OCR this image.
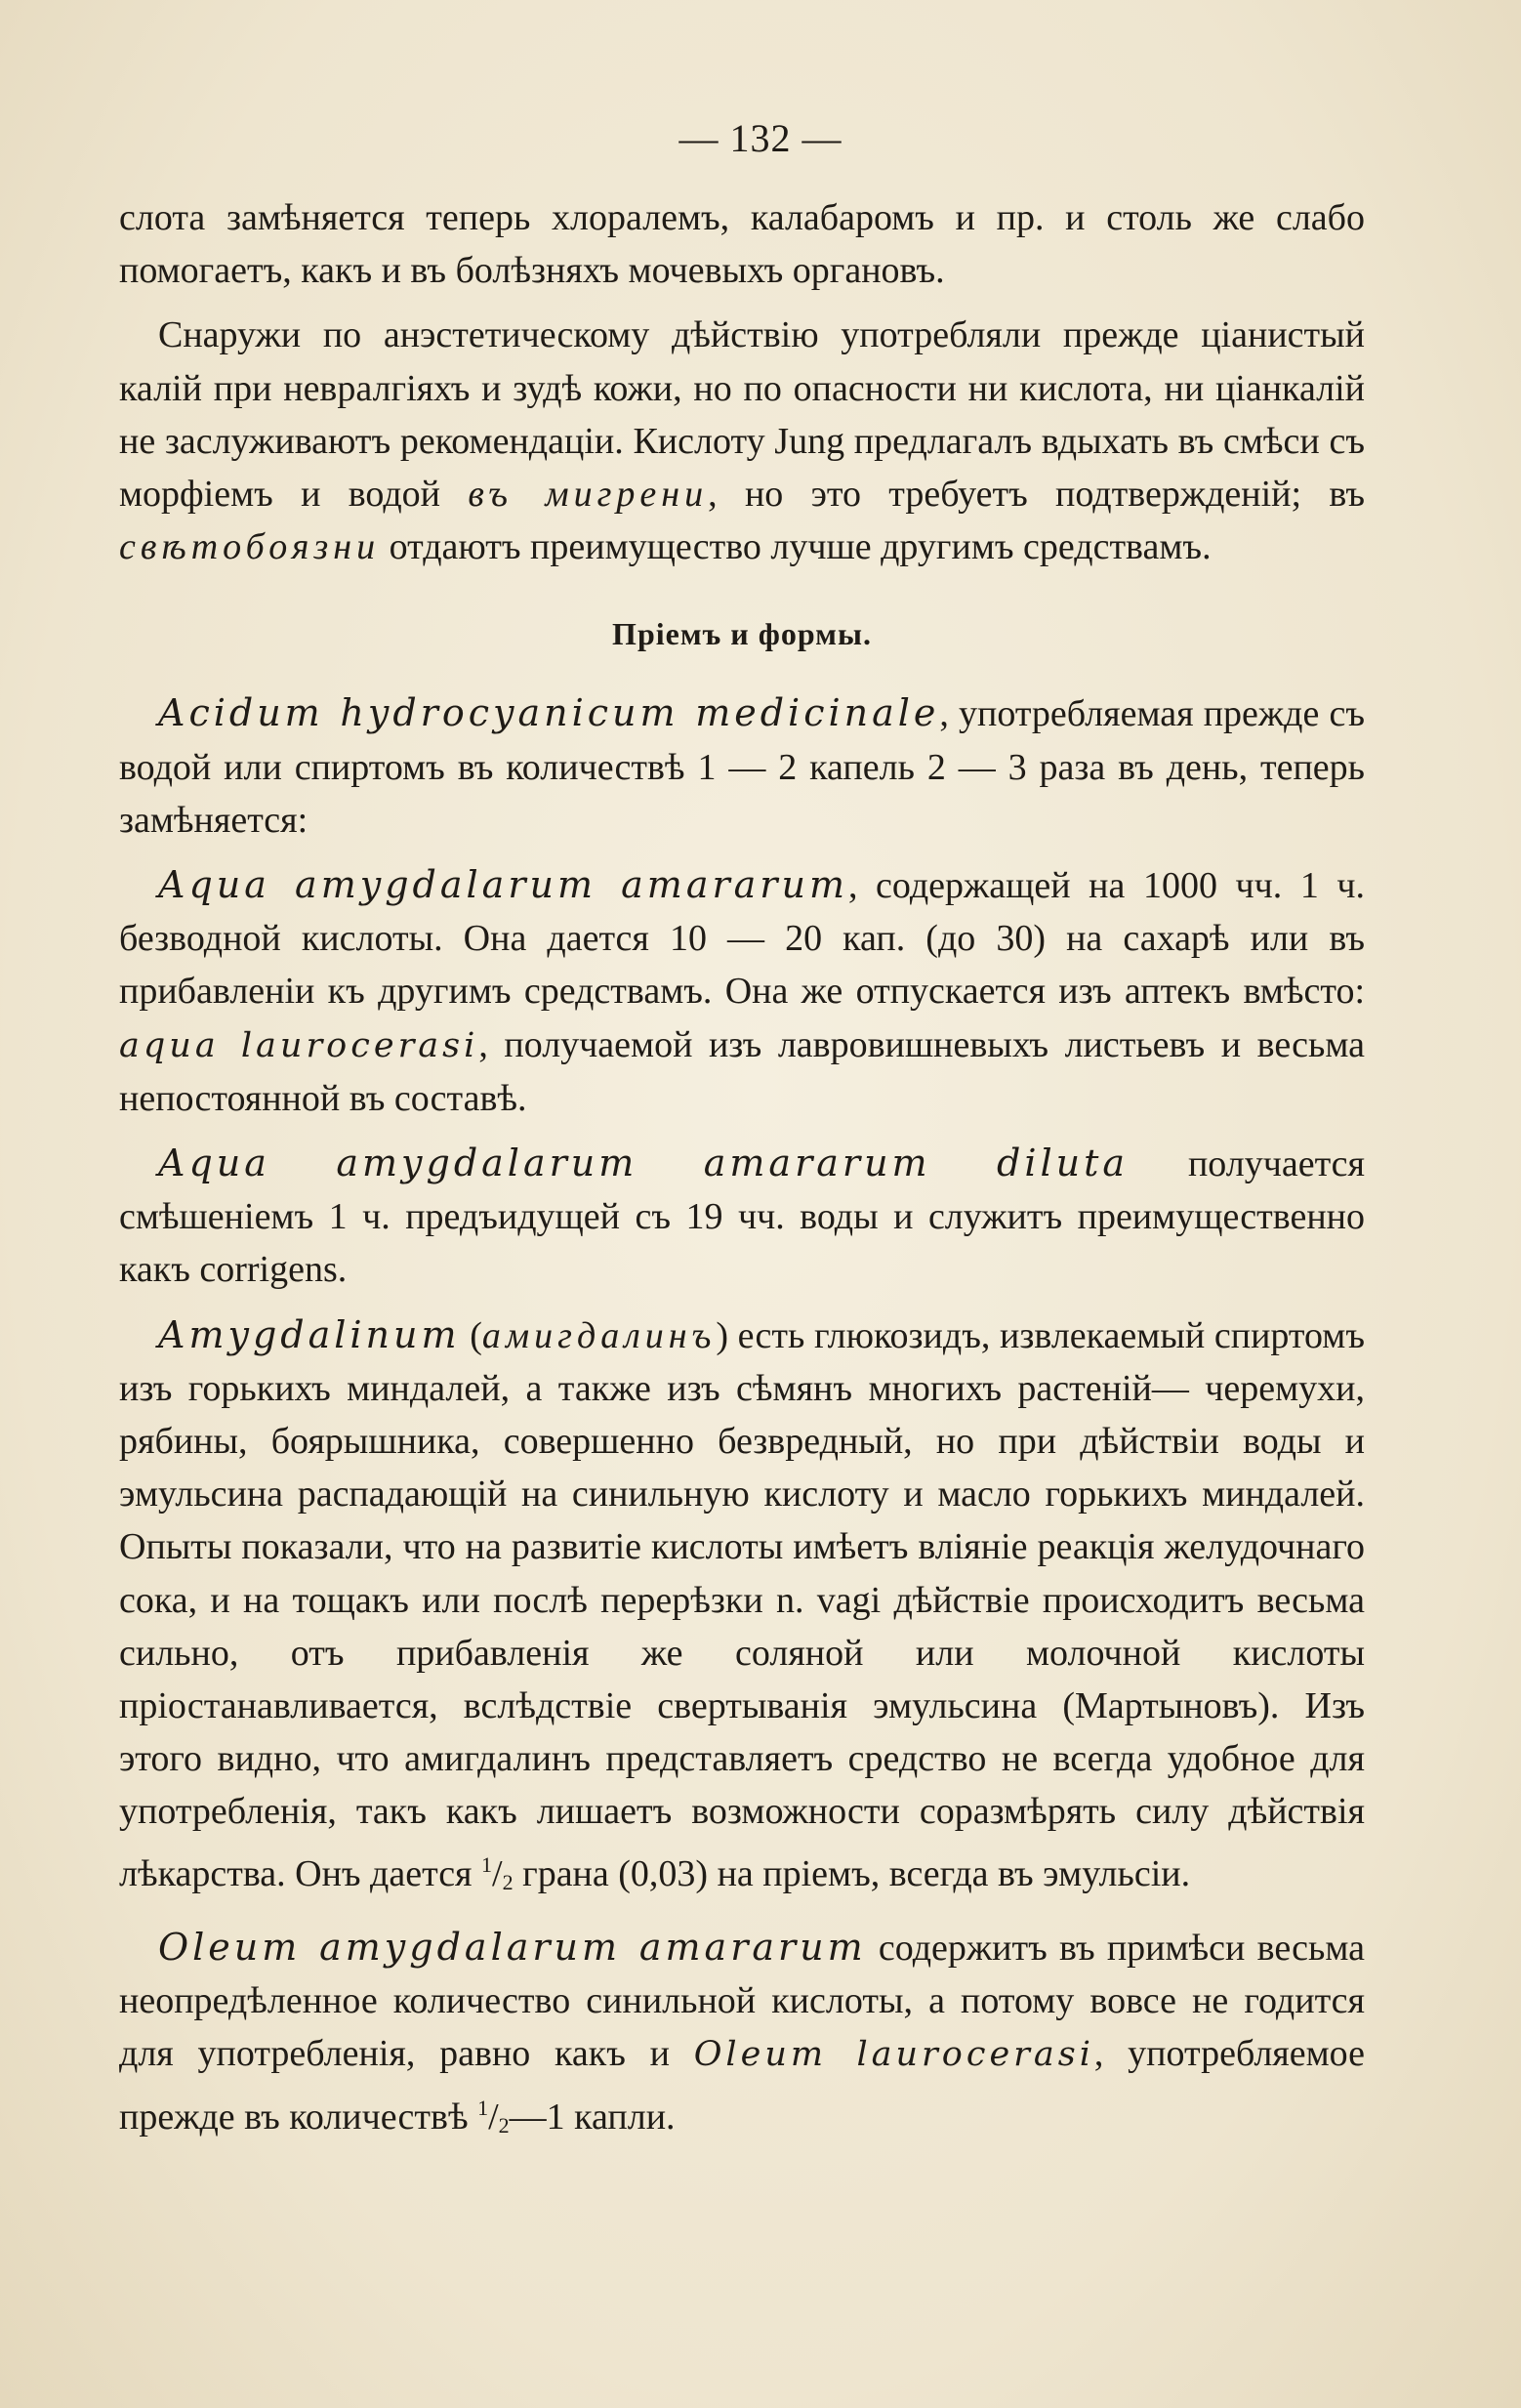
— 132 —

слота замѣняется теперь хлоралемъ, калабаромъ и пр. и столь же слабо помогаетъ, какъ и въ болѣзняхъ мочевыхъ органовъ.

Снаружи по анэстетическому дѣйствію употребляли прежде ціанистый калій при невралгіяхъ и зудѣ кожи, но по опасности ни кислота, ни ціанкалій не заслуживаютъ рекомендаціи. Кислоту Jung предлагалъ вдыхать въ смѣси съ морфіемъ и водой въ мигрени, но это требуетъ подтвержденій; въ свѣтобоязни отдаютъ преимущество лучше другимъ средствамъ.

Пріемъ и формы.

Acidum hydrocyanicum medicinale, употребляемая прежде съ водой или спиртомъ въ количествѣ 1 — 2 капель 2 — 3 раза въ день, теперь замѣняется:

Aqua amygdalarum amararum, содержащей на 1000 чч. 1 ч. безводной кислоты. Она дается 10 — 20 кап. (до 30) на сахарѣ или въ прибавленіи къ другимъ средствамъ. Она же отпускается изъ аптекъ вмѣсто: aqua laurocerasi, получаемой изъ лавровишневыхъ листьевъ и весьма непостоянной въ составѣ.

Aqua amygdalarum amararum diluta получается смѣшеніемъ 1 ч. предъидущей съ 19 чч. воды и служитъ преимущественно какъ corrigens.

Amygdalinum (амигдалинъ) есть глюкозидъ, извлекаемый спиртомъ изъ горькихъ миндалей, а также изъ сѣмянъ многихъ растеній— черемухи, рябины, боярышника, совершенно безвредный, но при дѣйствіи воды и эмульсина распадающій на синильную кислоту и масло горькихъ миндалей. Опыты показали, что на развитіе кислоты имѣетъ вліяніе реакція желудочнаго сока, и на тощакъ или послѣ перерѣзки n. vagi дѣйствіе происходитъ весьма сильно, отъ прибавленія же соляной или молочной кислоты пріостанавливается, вслѣдствіе свертыванія эмульсина (Мартыновъ). Изъ этого видно, что амигдалинъ представляетъ средство не всегда удобное для употребленія, такъ какъ лишаетъ возможности соразмѣрять силу дѣйствія лѣкарства. Онъ дается $^1/_2$ грана (0,03) на пріемъ, всегда въ эмульсіи.

Oleum amygdalarum amararum содержитъ въ примѣси весьма неопредѣленное количество синильной кислоты, а потому вовсе не годится для употребленія, равно какъ и Oleum laurocerasi, употребляемое прежде въ количествѣ $^1/_2—1$ капли.
